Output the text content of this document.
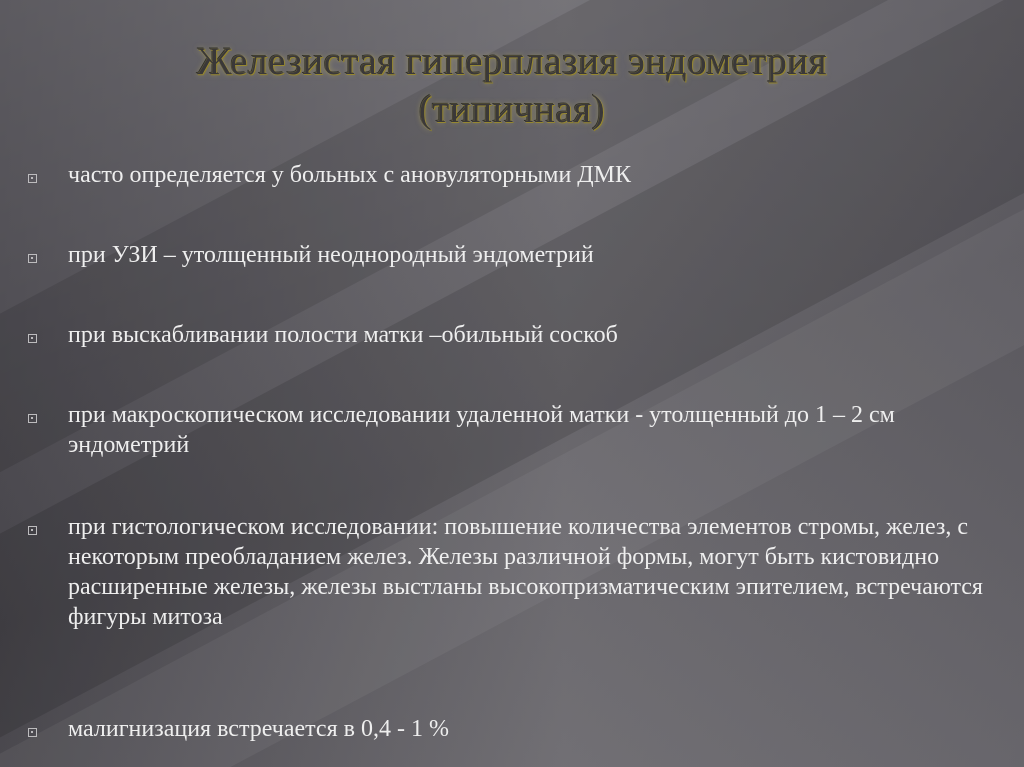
Железистая гиперплазия эндометрия
(типичная)
часто определяется у больных с ановуляторными ДМК
при УЗИ – утолщенный неоднородный эндометрий
при выскабливании полости матки –обильный соскоб
при макроскопическом исследовании удаленной матки - утолщенный до 1 – 2 см эндометрий
при гистологическом исследовании: повышение количества элементов стромы, желез, с некоторым преобладанием желез. Железы различной формы, могут быть кистовидно расширенные железы, железы выстланы высокопризматическим эпителием, встречаются фигуры митоза
малигнизация встречается в 0,4 - 1 %
